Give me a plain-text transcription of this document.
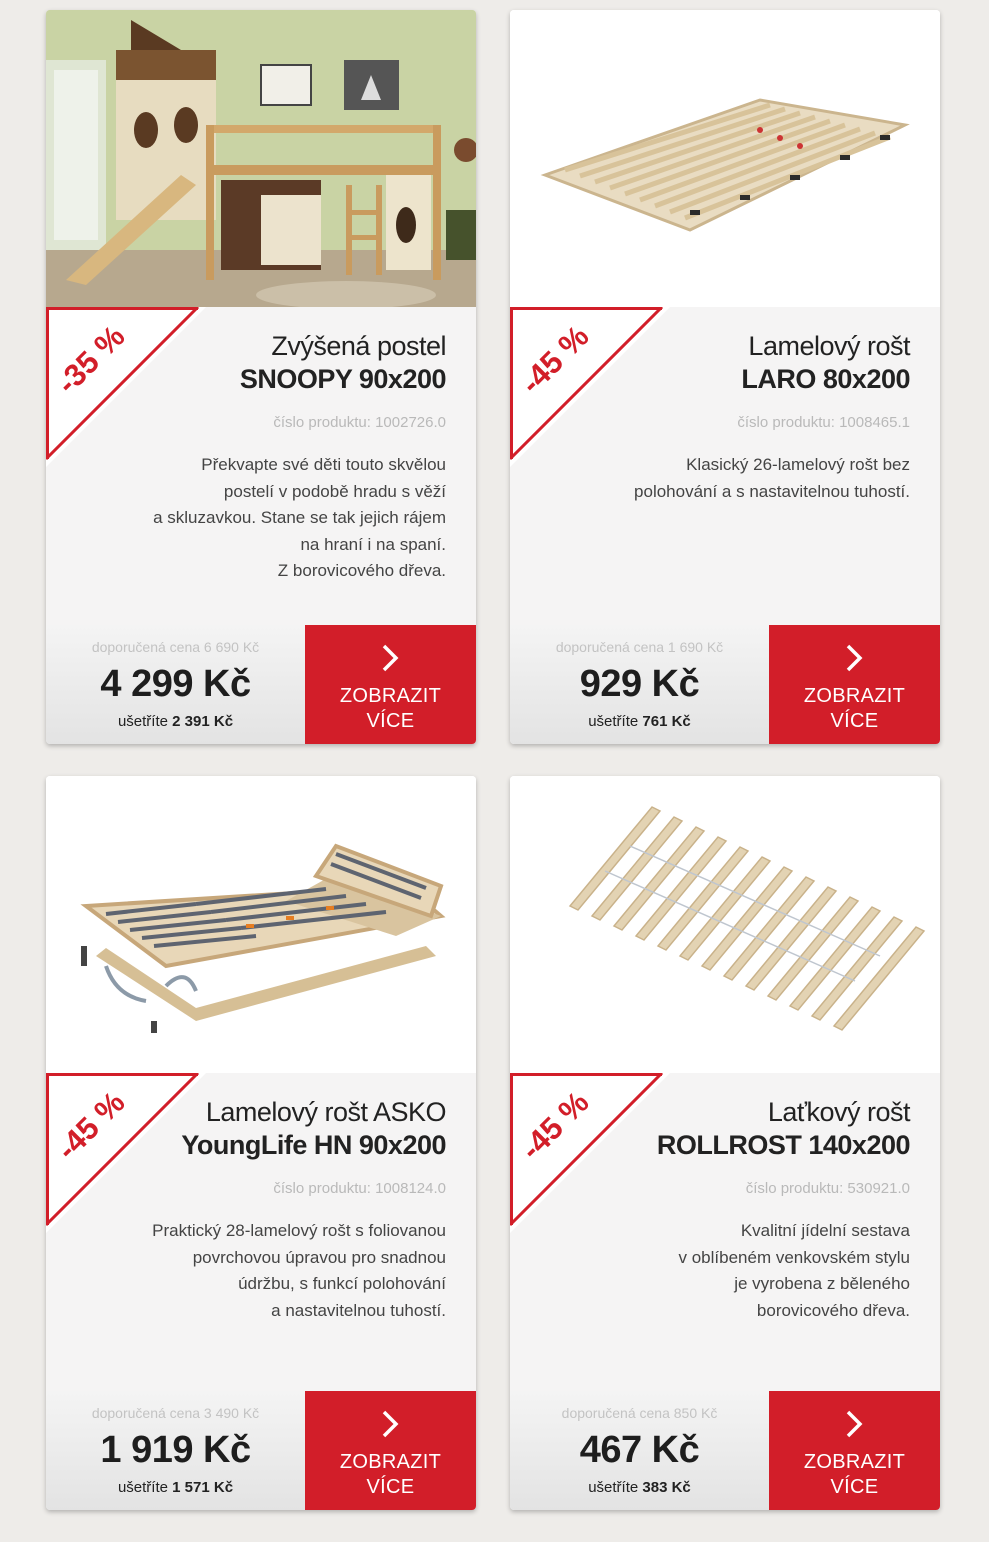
-35 %	Zvýšená postel
SNOOPY 90x200
číslo produktu: 1002726.0
Překvapte své děti touto skvělou
postelí v podobě hradu s věží
a skluzavkou. Stane se tak jejich rájem
na hraní i na spaní.
Z borovicového dřeva.
doporučená cena 6 690 Kč
4 299 Kč
ušetříte 2 391 Kč
ZOBRAZIT
VÍCE
-45 %	Lamelový rošt
LARO 80x200
číslo produktu: 1008465.1
Klasický 26-lamelový rošt bez
polohování a s nastavitelnou tuhostí.
doporučená cena 1 690 Kč
929 Kč
ušetříte 761 Kč
ZOBRAZIT
VÍCE
-45 %	Lamelový rošt ASKO
YoungLife HN 90x200
číslo produktu: 1008124.0
Praktický 28-lamelový rošt s foliovanou
povrchovou úpravou pro snadnou
údržbu, s funkcí polohování
a nastavitelnou tuhostí.
doporučená cena 3 490 Kč
1 919 Kč
ušetříte 1 571 Kč
ZOBRAZIT
VÍCE
-45 %	Laťkový rošt
ROLLROST 140x200
číslo produktu: 530921.0
Kvalitní jídelní sestava
v oblíbeném venkovském stylu
je vyrobena z běleného
borovicového dřeva.
doporučená cena 850 Kč
467 Kč
ušetříte 383 Kč
ZOBRAZIT
VÍCE
